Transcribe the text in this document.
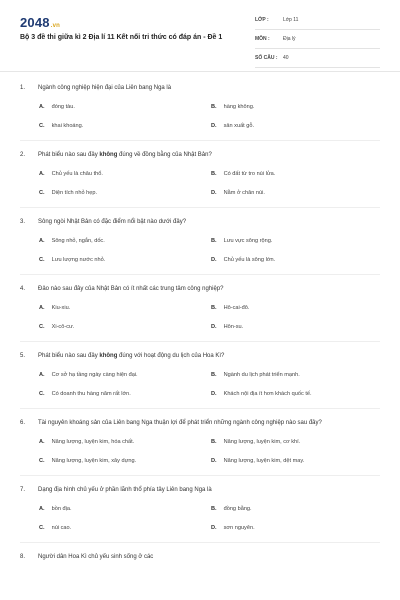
2048.vn
Bộ 3 đề thi giữa kì 2 Địa lí 11 Kết nối tri thức có đáp án - Đề 1
LỚP :	Lớp 11
MÔN :	Địa lý
SỐ CÂU : 40
1.	Ngành công nghiệp hiện đại của Liên bang Nga là
A. đóng tàu.	B. hàng không.
C. khai khoáng.	D. sản xuất gỗ.
2.	Phát biểu nào sau đây không đúng về đồng bằng của Nhật Bản?
A. Chủ yếu là châu thổ.	B. Có đất từ tro núi lửa.
C. Diện tích nhỏ hẹp.	D. Nằm ở chân núi.
3.	Sông ngòi Nhật Bản có đặc điểm nổi bật nào dưới đây?
A. Sông nhỏ, ngắn, dốc.	B. Lưu vực sông rộng.
C. Lưu lượng nước nhỏ.	D. Chủ yếu là sông lớn.
4.	Đảo nào sau đây của Nhật Bản có ít nhất các trung tâm công nghiệp?
A. Kiu-xiu.	B. Hô-cai-đô.
C. Xi-cô-cư.	D. Hôn-su.
5.	Phát biểu nào sau đây không đúng với hoạt động du lịch của Hoa Kì?
A. Cơ sở hạ tầng ngày càng hiện đại.	B. Ngành du lịch phát triển mạnh.
C. Có doanh thu hàng năm rất lớn.	D. Khách nội địa ít hơn khách quốc tế.
6.	Tài nguyên khoáng sản của Liên bang Nga thuận lợi để phát triển những ngành công nghiệp nào sau đây?
A. Năng lượng, luyện kim, hóa chất.	B. Năng lượng, luyện kim, cơ khí.
C. Năng lượng, luyện kim, xây dựng.	D. Năng lượng, luyện kim, dệt may.
7.	Dạng địa hình chủ yếu ở phần lãnh thổ phía tây Liên bang Nga là
A. bồn địa.	B. đồng bằng.
C. núi cao.	D. sơn nguyên.
8.	Người dân Hoa Kì chủ yếu sinh sống ở các
